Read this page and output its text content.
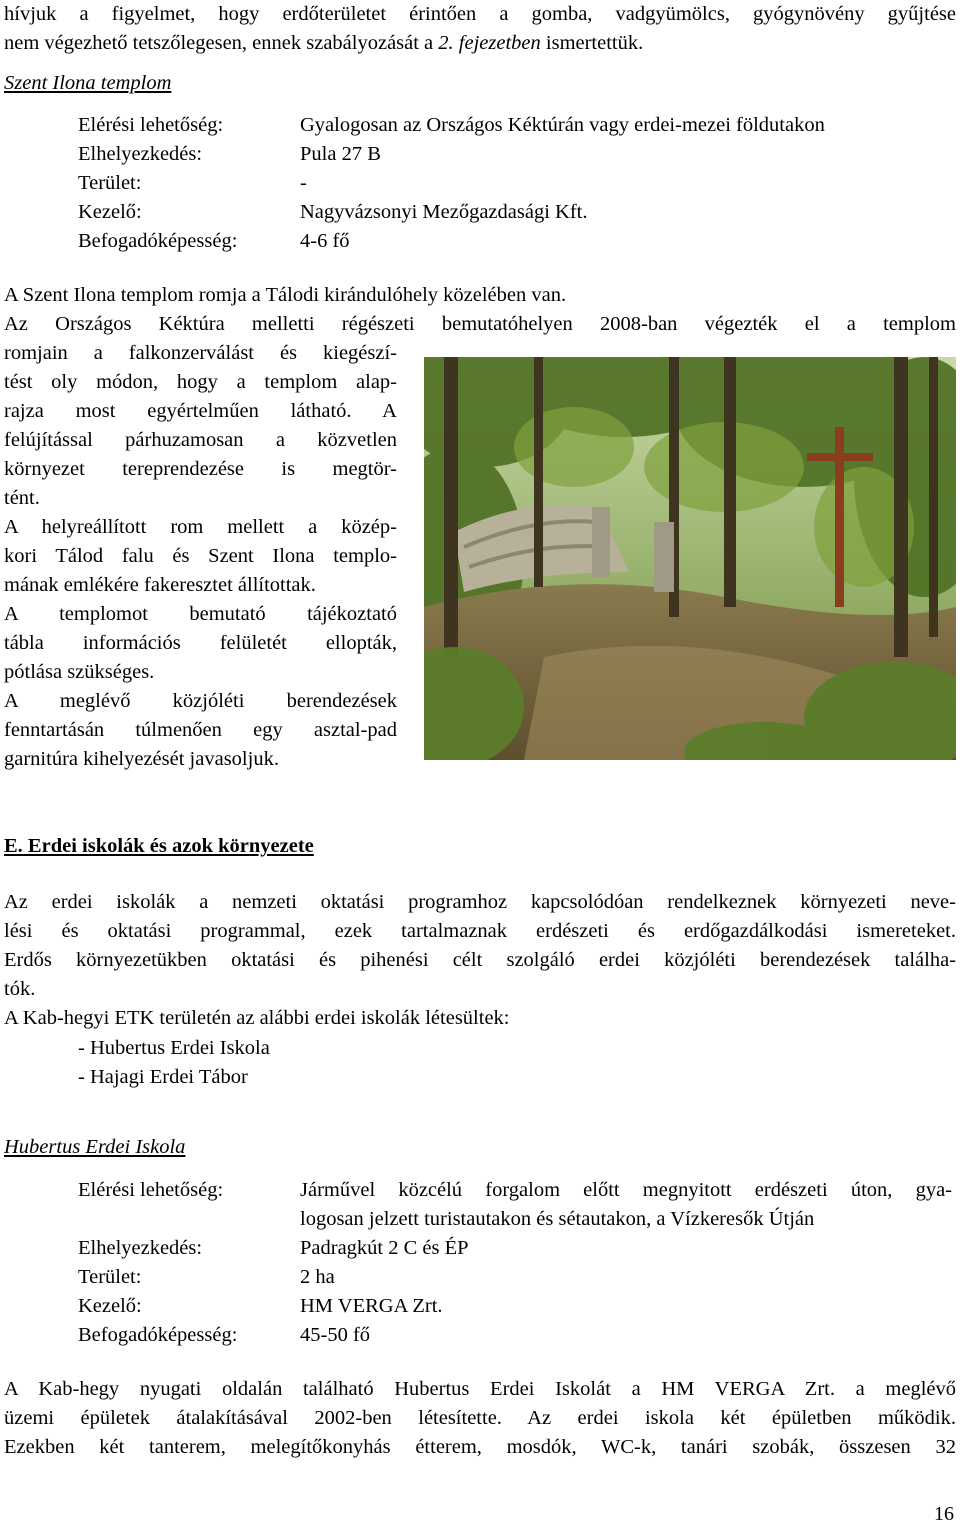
hívjuk a figyelmet, hogy erdőterületet érintően a gomba, vadgyümölcs, gyógynövény gyűjtése
nem végezhető tetszőlegesen, ennek szabályozását a 2. fejezetben ismertettük.
Szent Ilona templom
Elérési lehetőség:	Gyalogosan az Országos Kéktúrán vagy erdei-mezei földutakon
Elhelyezkedés:	Pula 27 B
Terület:	-
Kezelő:	Nagyvázsonyi Mezőgazdasági Kft.
Befogadóképesség:	4-6 fő
A Szent Ilona templom romja a Tálodi kirándulóhely közelében van.
Az Országos Kéktúra melletti régészeti bemutatóhelyen 2008-ban végezték el a templom
romjain a falkonzerválást és kiegészí-
tést oly módon, hogy a templom alap-
rajza most egyértelműen látható. A
felújítással párhuzamosan a közvetlen
környezet tereprendezése is megtör-
tént.
A helyreállított rom mellett a közép-
kori Tálod falu és Szent Ilona templo-
mának emlékére fakeresztet állítottak.
A templomot bemutató tájékoztató
tábla információs felületét ellopták,
pótlása szükséges.
A meglévő közjóléti berendezések
fenntartásán túlmenően egy asztal-pad
garnitúra kihelyezését javasoljuk.
E. Erdei iskolák és azok környezete
Az erdei iskolák a nemzeti oktatási programhoz kapcsolódóan rendelkeznek környezeti neve-
lési és oktatási programmal, ezek tartalmaznak erdészeti és erdőgazdálkodási ismereteket.
Erdős környezetükben oktatási és pihenési célt szolgáló erdei közjóléti berendezések találha-
tók.
A Kab-hegyi ETK területén az alábbi erdei iskolák létesültek:
- Hubertus Erdei Iskola
- Hajagi Erdei Tábor
Hubertus Erdei Iskola
Elérési lehetőség:	Járművel közcélú forgalom előtt megnyitott erdészeti úton, gya-
logosan jelzett turistautakon és sétautakon, a Vízkeresők Útján
Elhelyezkedés:	Padragkút 2 C és ÉP
Terület:	2 ha
Kezelő:	HM VERGA Zrt.
Befogadóképesség:	45-50 fő
A Kab-hegy nyugati oldalán található Hubertus Erdei Iskolát a HM VERGA Zrt. a meglévő
üzemi épületek átalakításával 2002-ben létesítette. Az erdei iskola két épületben működik.
Ezekben két tanterem, melegítőkonyhás étterem, mosdók, WC-k, tanári szobák, összesen 32
16
